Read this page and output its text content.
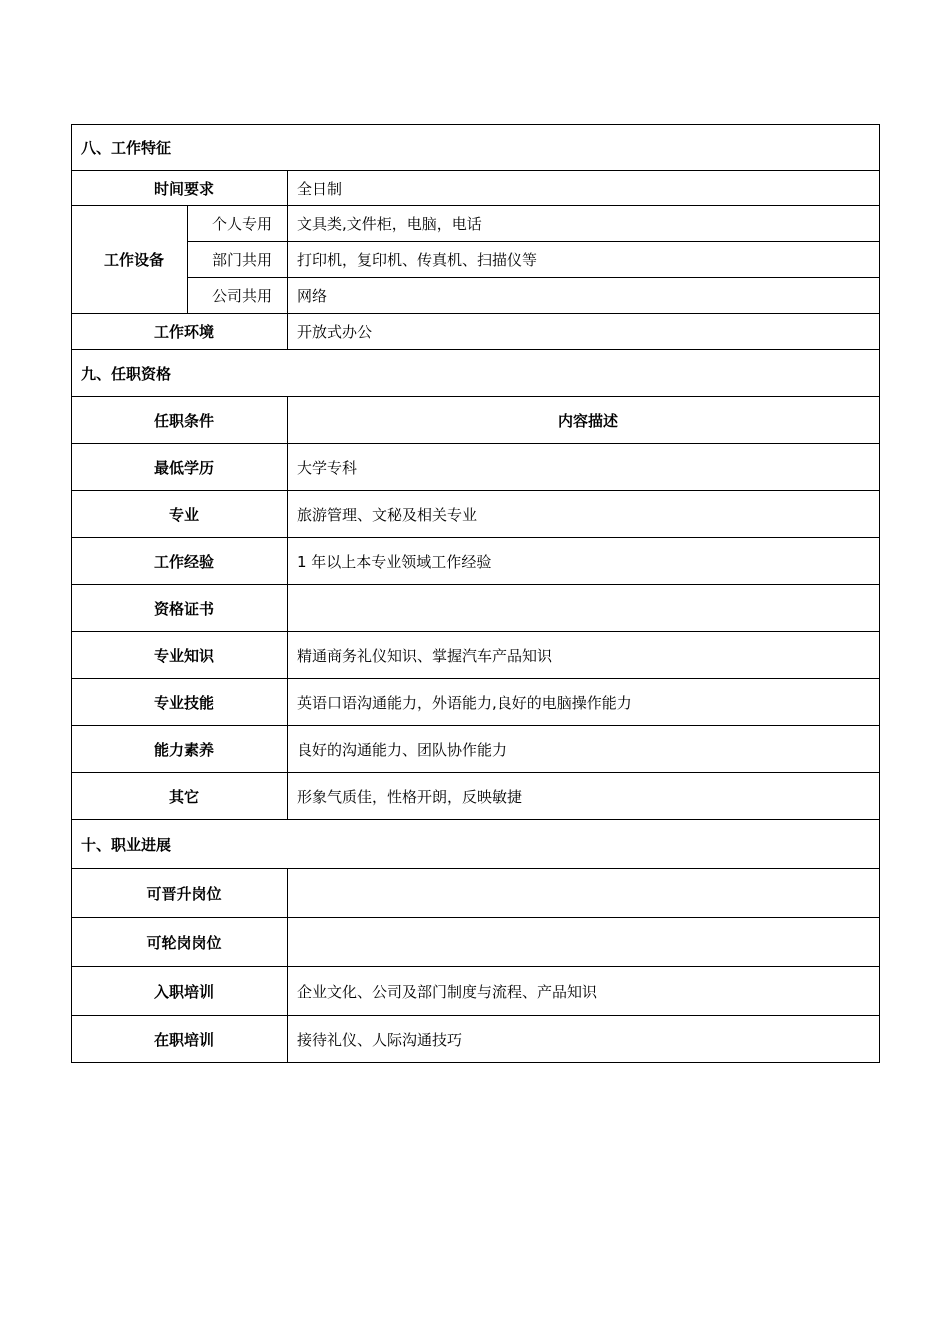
八、工作特征		
时间要求		全日制
工作设备	个人专用	文具类,文件柜，电脑，电话
	部门共用	打印机，复印机、传真机、扫描仪等
	公司共用	网络
工作环境		开放式办公
九、任职资格		
任职条件		内容描述
最低学历		大学专科
专业		旅游管理、文秘及相关专业
工作经验		1 年以上本专业领域工作经验
资格证书		
专业知识		精通商务礼仪知识、掌握汽车产品知识
专业技能		英语口语沟通能力，外语能力,良好的电脑操作能力
能力素养		良好的沟通能力、团队协作能力
其它		形象气质佳，性格开朗，反映敏捷
十、职业进展		
可晋升岗位		
可轮岗岗位		
入职培训		企业文化、公司及部门制度与流程、产品知识
在职培训		接待礼仪、人际沟通技巧
